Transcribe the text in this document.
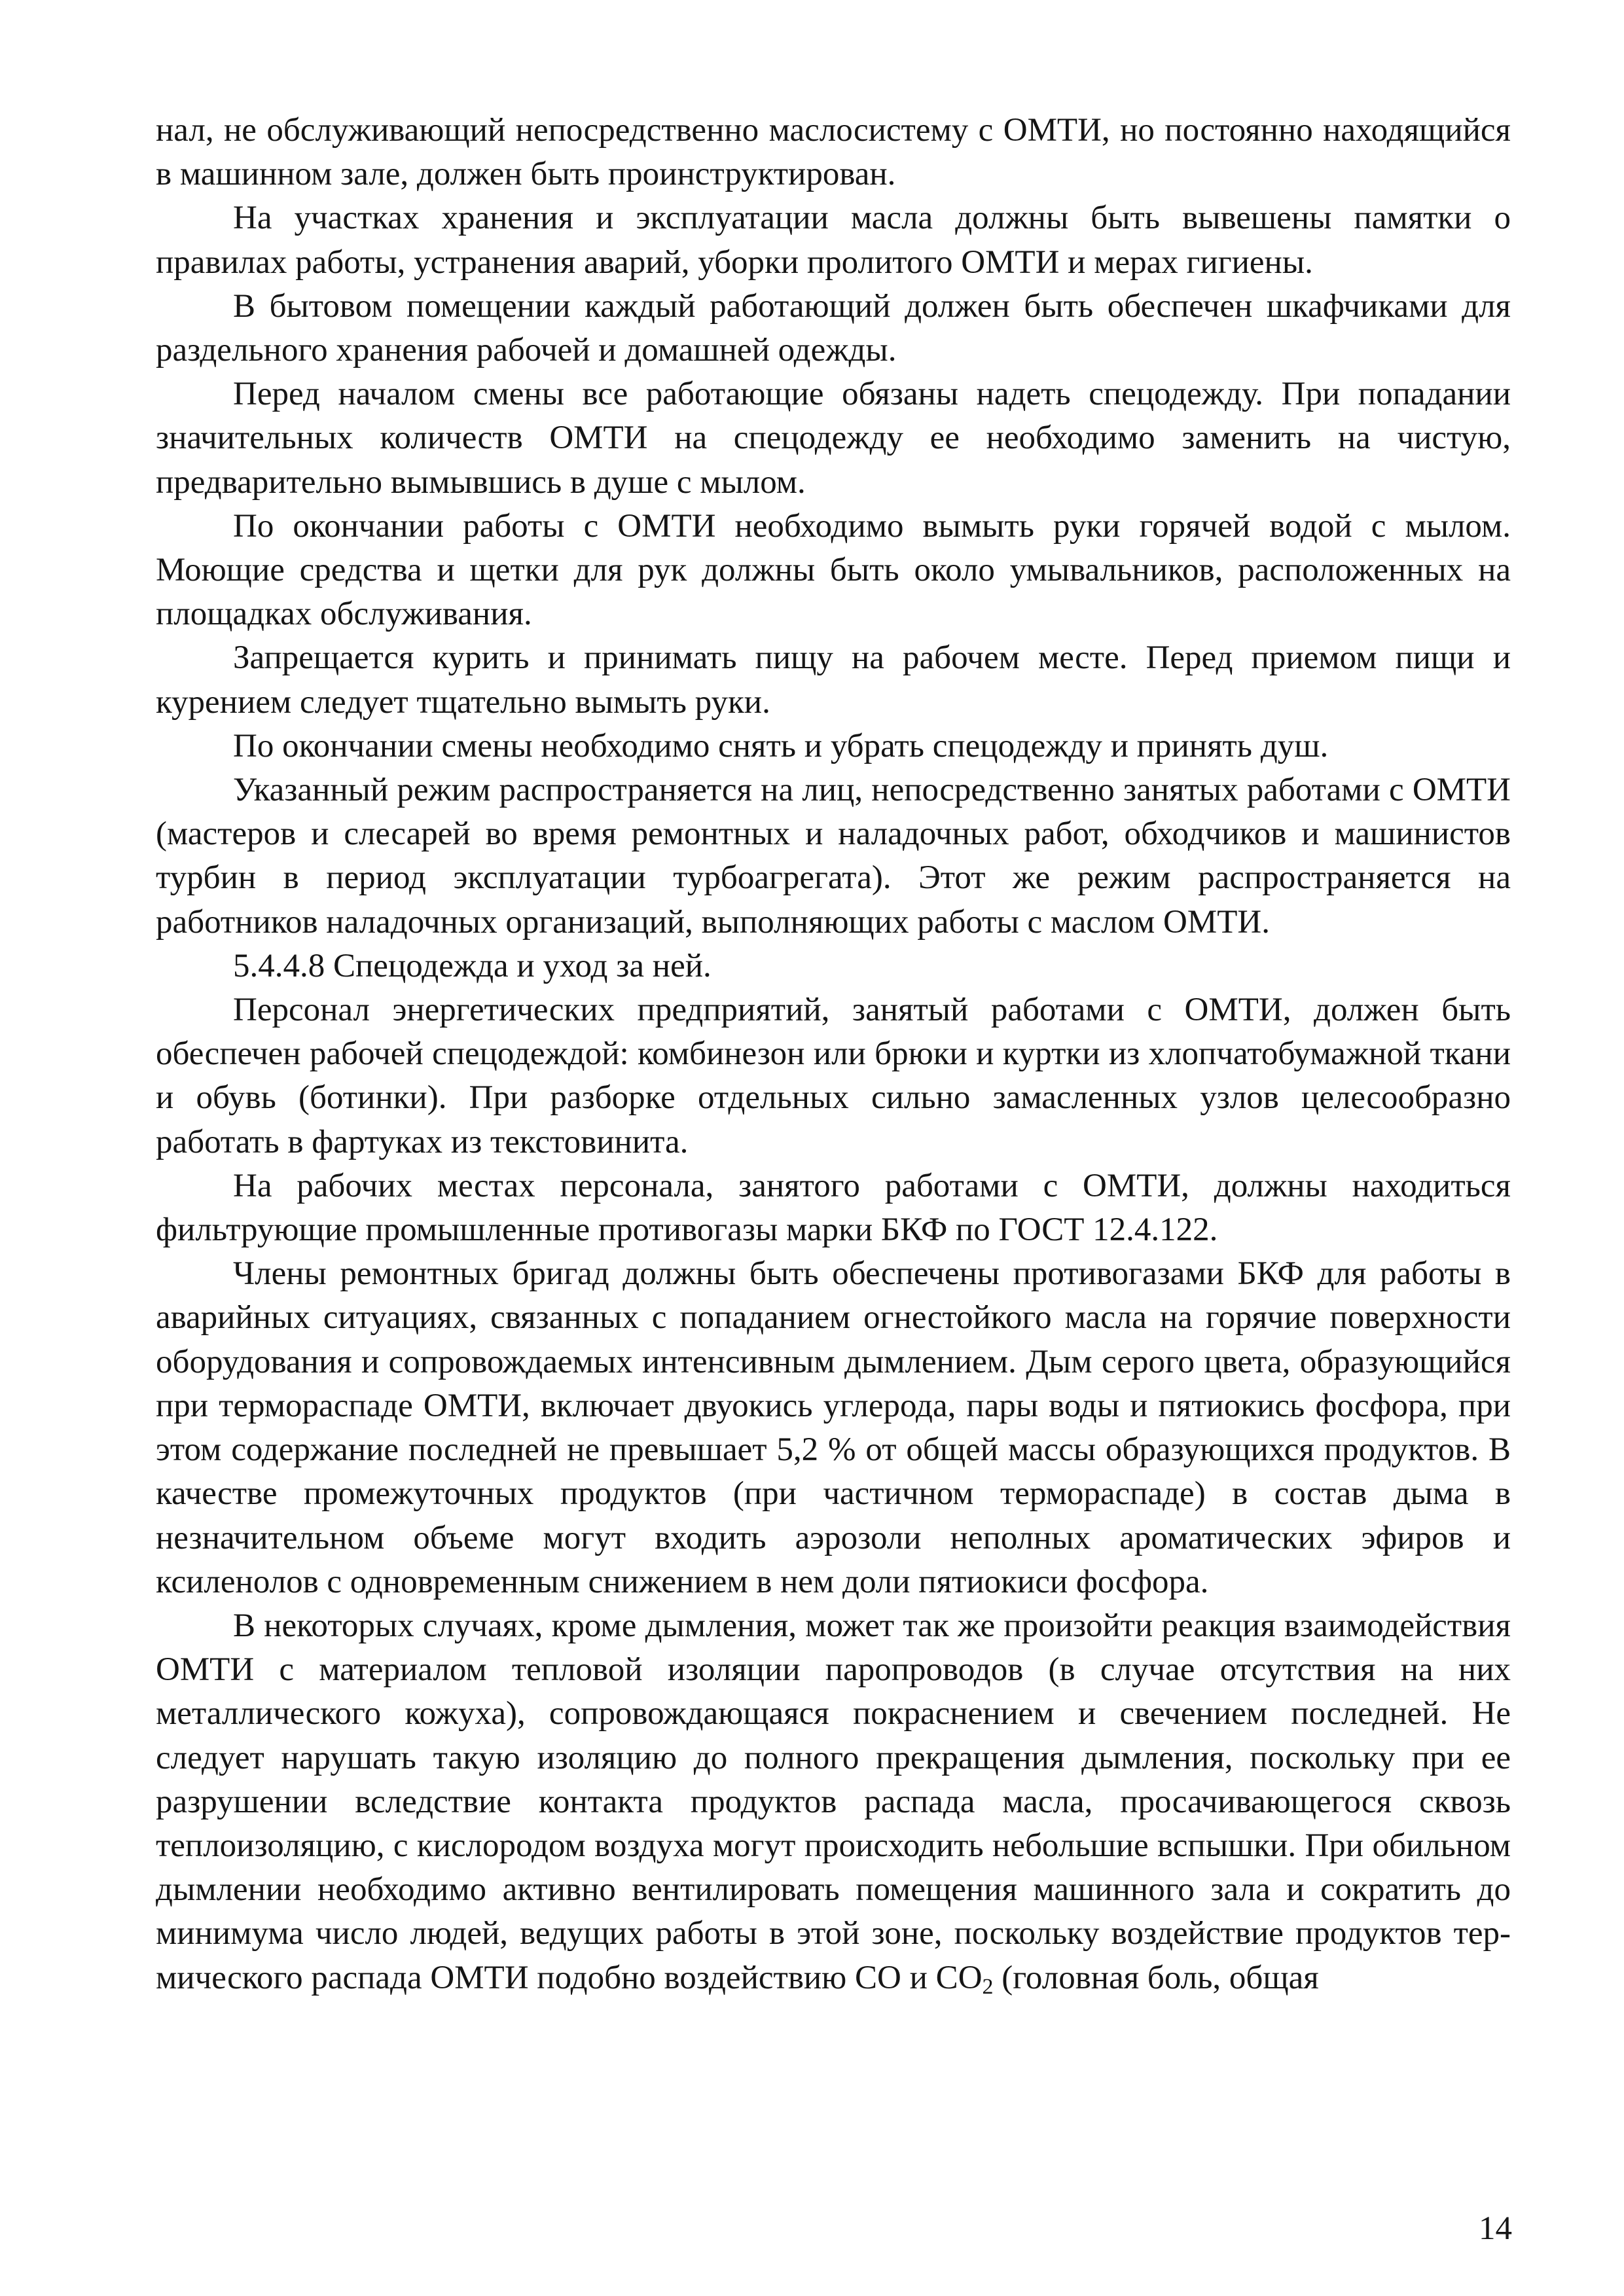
нал, не обслуживающий непосредственно маслосистему с ОМТИ, но постоянно находящийся в машинном зале, должен быть проинструктирован.

На участках хранения и эксплуатации масла должны быть вывешены памятки о правилах работы, устранения аварий, уборки пролитого ОМТИ и мерах гигиены.

В бытовом помещении каждый работающий должен быть обеспечен шкафчиками для раздельного хранения рабочей и домашней одежды.

Перед началом смены все работающие обязаны надеть спецодежду. При попадании значительных количеств ОМТИ на спецодежду ее необходимо заменить на чистую, предварительно вымывшись в душе с мылом.

По окончании работы с ОМТИ необходимо вымыть руки горячей водой с мылом. Моющие средства и щетки для рук должны быть около умывальников, расположенных на площадках обслуживания.

Запрещается курить и принимать пищу на рабочем месте. Перед приемом пищи и курением следует тщательно вымыть руки.

По окончании смены необходимо снять и убрать спецодежду и принять душ.

Указанный режим распространяется на лиц, непосредственно занятых работами с ОМТИ (мастеров и слесарей во время ремонтных и наладочных работ, обходчиков и машинистов турбин в период эксплуатации турбоагрегата). Этот же режим распространяется на работников наладочных организаций, выполняющих работы с маслом ОМТИ.

5.4.4.8 Спецодежда и уход за ней.

Персонал энергетических предприятий, занятый работами с ОМТИ, должен быть обеспечен рабочей спецодеждой: комбинезон или брюки и куртки из хлопчатобумажной ткани и обувь (ботинки). При разборке отдельных сильно замасленных узлов целесообразно работать в фартуках из текстовинита.

На рабочих местах персонала, занятого работами с ОМТИ, должны находиться фильтрующие промышленные противогазы марки БКФ по ГОСТ 12.4.122.

Члены ремонтных бригад должны быть обеспечены противогазами БКФ для работы в аварийных ситуациях, связанных с попаданием огнестойкого масла на горячие поверхности оборудования и сопровождаемых интенсивным дымлением. Дым серого цвета, образующийся при термораспаде ОМТИ, включает двуокись углерода, пары воды и пятиокись фосфора, при этом содержание последней не превышает 5,2 % от общей массы образующихся продуктов. В качестве промежуточных продуктов (при частичном термораспаде) в состав дыма в незначительном объеме могут входить аэрозоли неполных ароматических эфиров и ксиленолов с одновременным снижением в нем доли пятиокиси фосфора.

В некоторых случаях, кроме дымления, может так же произойти реакция взаимодействия ОМТИ с материалом тепловой изоляции паропроводов (в случае отсутствия на них металлического кожуха), сопровождающаяся покраснением и свечением последней. Не следует нарушать такую изоляцию до полного прекращения дымления, поскольку при ее разрушении вследствие контакта продуктов распада масла, просачивающегося сквозь теплоизоляцию, с кислородом воздуха могут происходить небольшие вспышки. При обильном дымлении необходимо активно вентилировать помещения машинного зала и сократить до минимума число людей, ведущих работы в этой зоне, поскольку воздействие продуктов термического распада ОМТИ подобно воздействию СО и $СО_2$ (головная боль, общая

14
